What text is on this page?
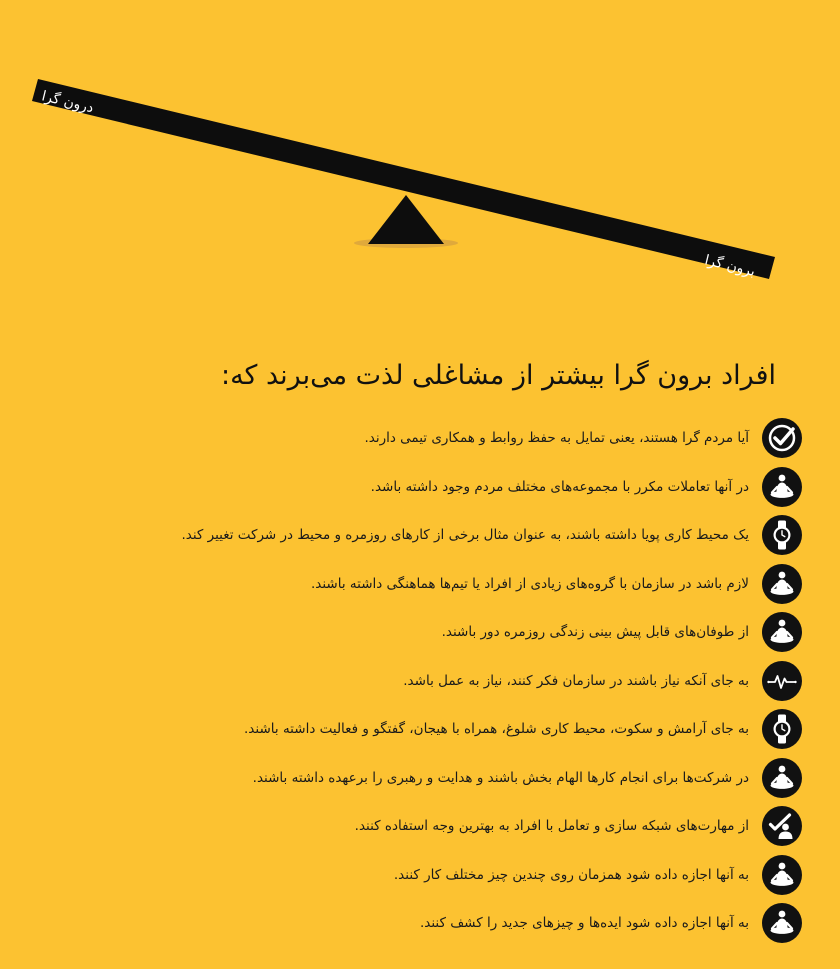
درون گرا
برون گرا
افراد برون گرا بیشتر از مشاغلی لذت می‌برند که:
آیا مردم گرا هستند، یعنی تمایل به حفظ روابط و همکاری تیمی دارند.
در آنها تعاملات مکرر با مجموعه‌های مختلف مردم وجود داشته باشد.
یک محیط کاری پویا داشته باشند، به عنوان مثال برخی از کارهای روزمره و محیط در شرکت تغییر کند.
لازم باشد در سازمان با گروه‌های زیادی از افراد یا تیم‌ها هماهنگی داشته باشند.
از طوفان‌های قابل پیش بینی زندگی روزمره دور باشند.
به جای آنکه نیاز باشند در سازمان فکر کنند، نیاز به عمل باشد.
به جای آرامش و سکوت، محیط کاری شلوغ، همراه با هیجان، گفتگو و فعالیت داشته باشند.
در شرکت‌ها برای انجام کارها الهام بخش باشند و هدایت و رهبری را برعهده داشته باشند.
از مهارت‌های شبکه سازی و تعامل با افراد به بهترین وجه استفاده کنند.
به آنها اجازه داده شود همزمان روی چندین چیز مختلف کار کنند.
به آنها اجازه داده شود ایده‌ها و چیزهای جدید را کشف کنند.
